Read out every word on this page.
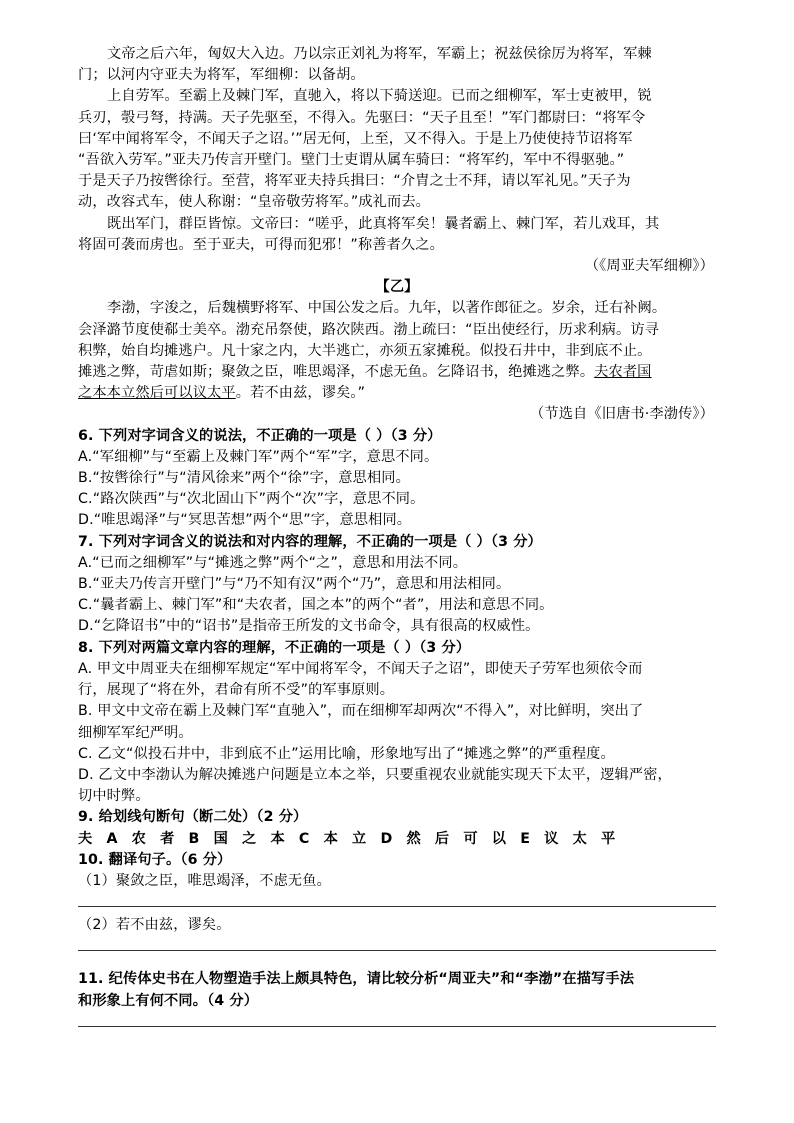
文帝之后六年，匈奴大入边。乃以宗正刘礼为将军，军霸上；祝兹侯徐厉为将军，军棘
门；以河内守亚夫为将军，军细柳：以备胡。
上自劳军。至霸上及棘门军，直驰入，将以下骑送迎。已而之细柳军，军士吏被甲，锐
兵刃，彀弓弩，持满。天子先驱至，不得入。先驱曰：“天子且至！”军门都尉曰：“将军令
曰‘军中闻将军令，不闻天子之诏。’”居无何，上至，又不得入。于是上乃使使持节诏将军
“吾欲入劳军。”亚夫乃传言开壁门。壁门士吏谓从属车骑曰：“将军约，军中不得驱驰。”
于是天子乃按辔徐行。至营，将军亚夫持兵揖曰：“介胄之士不拜，请以军礼见。”天子为
动，改容式车，使人称谢：“皇帝敬劳将军。”成礼而去。
既出军门，群臣皆惊。文帝曰：“嗟乎，此真将军矣！曩者霸上、棘门军，若儿戏耳，其
将固可袭而虏也。至于亚夫，可得而犯邪！”称善者久之。
（《周亚夫军细柳》）
【乙】
李渤，字浚之，后魏横野将军、中国公发之后。九年，以著作郎征之。岁余，迁右补阙。
会泽潞节度使郗士美卒。渤充吊祭使，路次陕西。渤上疏曰：“臣出使经行，历求利病。访寻
积弊，始自均摊逃户。凡十家之内，大半逃亡，亦须五家摊税。似投石井中，非到底不止。
摊逃之弊，苛虐如斯；聚敛之臣，唯思竭泽，不虑无鱼。乞降诏书，绝摊逃之弊。夫农者国
之本本立然后可以议太平。若不由兹，谬矣。”
（节选自《旧唐书·李渤传》）
6. 下列对字词含义的说法，不正确的一项是（ ）（3 分）
A.“军细柳”与“至霸上及棘门军”两个“军”字，意思不同。
B.“按辔徐行”与“清风徐来”两个“徐”字，意思相同。
C.“路次陕西”与“次北固山下”两个“次”字，意思不同。
D.“唯思竭泽”与“冥思苦想”两个“思”字，意思相同。
7. 下列对字词含义的说法和对内容的理解，不正确的一项是（ ）（3 分）
A.“已而之细柳军”与“摊逃之弊”两个“之”，意思和用法不同。
B.“亚夫乃传言开壁门”与“乃不知有汉”两个“乃”，意思和用法相同。
C.“曩者霸上、棘门军”和“夫农者，国之本”的两个“者”，用法和意思不同。
D.“乞降诏书”中的“诏书”是指帝王所发的文书命令，具有很高的权威性。
8. 下列对两篇文章内容的理解，不正确的一项是（ ）（3 分）
A. 甲文中周亚夫在细柳军规定“军中闻将军令，不闻天子之诏”，即使天子劳军也须依令而
行，展现了“将在外，君命有所不受”的军事原则。
B. 甲文中文帝在霸上及棘门军“直驰入”，而在细柳军却两次“不得入”，对比鲜明，突出了
细柳军军纪严明。
C. 乙文“似投石井中，非到底不止”运用比喻，形象地写出了“摊逃之弊”的严重程度。
D. 乙文中李渤认为解决摊逃户问题是立本之举，只要重视农业就能实现天下太平，逻辑严密，
切中时弊。
9. 给划线句断句（断二处）（2 分）
夫 A 农 者 B 国 之 本 C 本 立 D 然 后 可 以 E 议 太 平
10. 翻译句子。（6 分）
（1）聚敛之臣，唯思竭泽，不虑无鱼。
（2）若不由兹，谬矣。
11. 纪传体史书在人物塑造手法上颇具特色，请比较分析“周亚夫”和“李渤”在描写手法
和形象上有何不同。（4 分）
